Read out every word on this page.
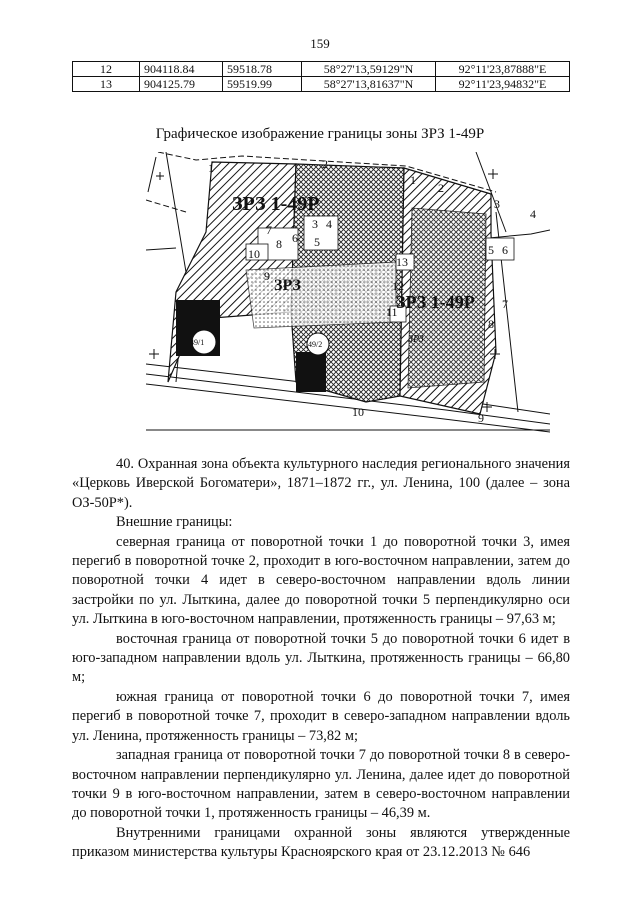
159
12	904118.84	59518.78	58°27'13,59129"N	92°11'23,87888"E
13	904125.79	59519.99	58°27'13,81637"N	92°11'23,94832"E
Графическое изображение границы зоны ЗРЗ 1-49Р
ЗРЗ 1-49Р
ЗРЗ
ЗРЗ 1-49Р
ЗРЗ
49/1	49/2
1	2
1
2
3
4
3 4
5
6
7
8
9
10
11
12
13
5 6
7
8
10	9

40. Охранная зона объекта культурного наследия регионального значения «Церковь Иверской Богоматери», 1871–1872 гг., ул. Ленина, 100 (далее – зона ОЗ-50Р*).

Внешние границы:

северная граница от поворотной точки 1 до поворотной точки 3, имея перегиб в поворотной точке 2, проходит в юго-восточном направлении, затем до поворотной точки 4 идет в северо-восточном направлении вдоль линии застройки по ул. Лыткина, далее до поворотной точки 5 перпендикулярно оси ул. Лыткина в юго-восточном направлении, протяженность границы – 97,63 м;

восточная граница от поворотной точки 5 до поворотной точки 6 идет в юго-западном направлении вдоль ул. Лыткина, протяженность границы – 66,80 м;

южная граница от поворотной точки 6 до поворотной точки 7, имея перегиб в поворотной точке 7, проходит в северо-западном направлении вдоль ул. Ленина, протяженность границы – 73,82 м;

западная граница от поворотной точки 7 до поворотной точки 8 в северо-восточном направлении перпендикулярно ул. Ленина, далее идет до поворотной точки 9 в юго-восточном направлении, затем в северо-восточном направлении до поворотной точки 1, протяженность границы – 46,39 м.

Внутренними границами охранной зоны являются утвержденные приказом министерства культуры Красноярского края от 23.12.2013 № 646
